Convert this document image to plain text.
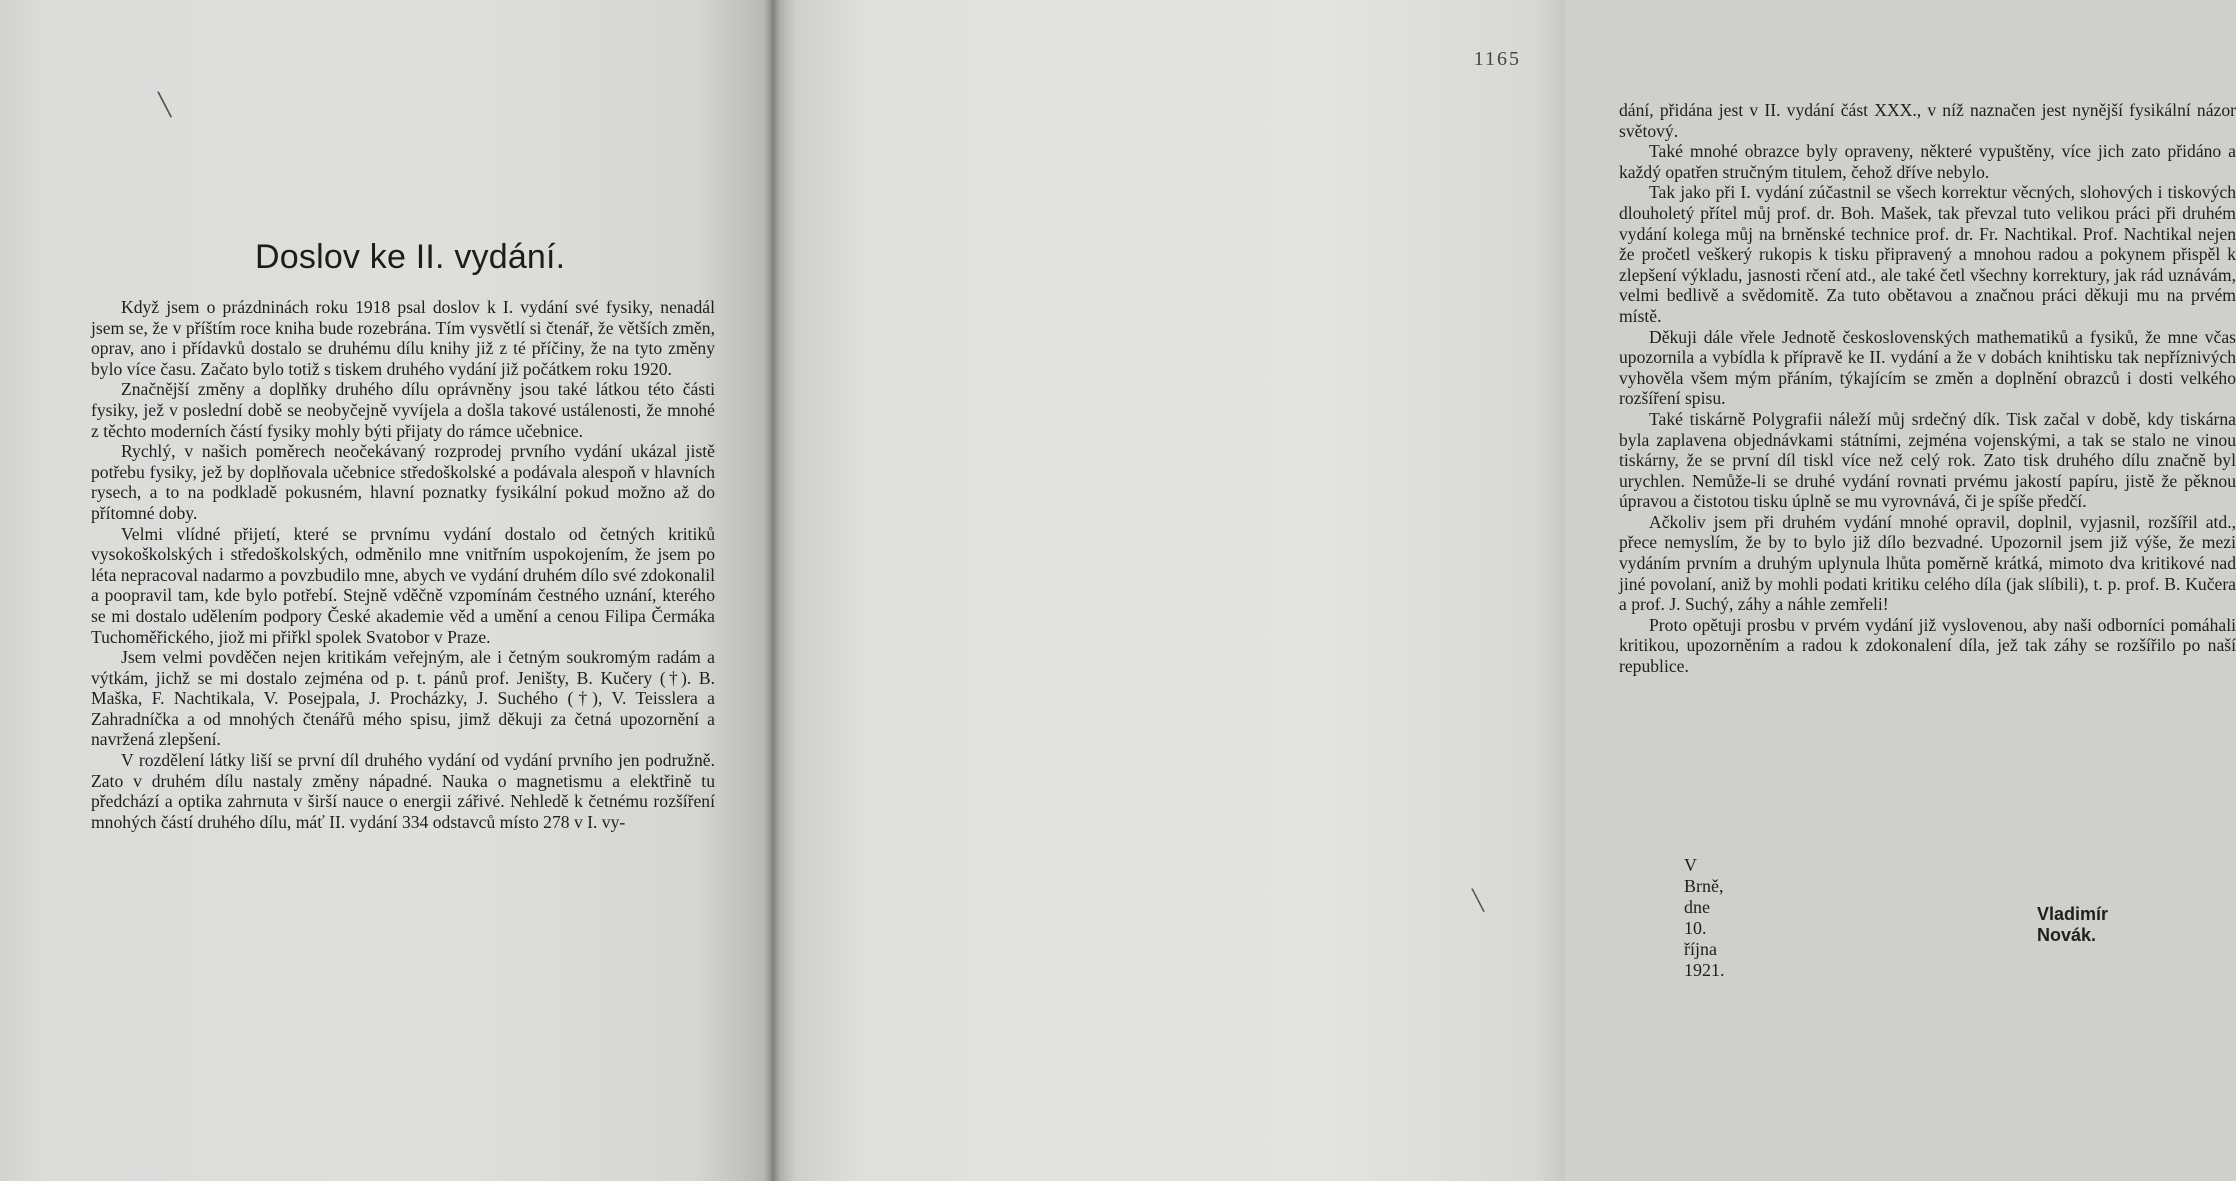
╲
Doslov ke II. vydání.

Když jsem o prázdninách roku 1918 psal doslov k I. vydání své fysiky, nenadál jsem se, že v příštím roce kniha bude rozebrána. Tím vysvětlí si čtenář, že větších změn, oprav, ano i přídavků dostalo se druhému dílu knihy již z té příčiny, že na tyto změny bylo více času. Začato bylo totiž s tiskem druhého vydání již počátkem roku 1920.

Značnější změny a doplňky druhého dílu oprávněny jsou také látkou této části fysiky, jež v poslední době se neobyčejně vyvíjela a došla takové ustálenosti, že mnohé z těchto moderních částí fysiky mohly býti přijaty do rámce učebnice.

Rychlý, v našich poměrech neočekávaný rozprodej prvního vydání ukázal jistě potřebu fysiky, jež by doplňovala učebnice středoškolské a podávala alespoň v hlavních rysech, a to na podkladě pokusném, hlavní poznatky fysikální pokud možno až do přítomné doby.

Velmi vlídné přijetí, které se prvnímu vydání dostalo od četných kritiků vysokoškolských i středoškolských, odměnilo mne vnitřním uspokojením, že jsem po léta nepracoval nadarmo a povzbudilo mne, abych ve vydání druhém dílo své zdokonalil a poopravil tam, kde bylo potřebí. Stejně vděčně vzpomínám čestného uznání, kterého se mi dostalo udělením podpory České akademie věd a umění a cenou Filipa Čermáka Tuchoměřického, jiož mi přiřkl spolek Svatobor v Praze.

Jsem velmi povděčen nejen kritikám veřejným, ale i četným soukromým radám a výtkám, jichž se mi dostalo zejména od p. t. pánů prof. Jeništy, B. Kučery (†). B. Maška, F. Nachtikala, V. Posejpala, J. Procházky, J. Suchého (†), V. Teisslera a Zahradníčka a od mnohých čtenářů mého spisu, jimž děkuji za četná upozornění a navržená zlepšení.

V rozdělení látky liší se první díl druhého vydání od vydání prvního jen podružně. Zato v druhém dílu nastaly změny nápadné. Nauka o magnetismu a elektřině tu předchází a optika zahrnuta v širší nauce o energii zářivé. Nehledě k četnému rozšíření mnohých částí druhého dílu, máť II. vydání 334 odstavců místo 278 v I. vy-

1165

dání, přidána jest v II. vydání část XXX., v níž naznačen jest nynější fysikální názor světový.

Také mnohé obrazce byly opraveny, některé vypuštěny, více jich zato přidáno a každý opatřen stručným titulem, čehož dříve nebylo.

Tak jako při I. vydání zúčastnil se všech korrektur věcných, slohových i tiskových dlouholetý přítel můj prof. dr. Boh. Mašek, tak převzal tuto velikou práci při druhém vydání kolega můj na brněnské technice prof. dr. Fr. Nachtikal. Prof. Nachtikal nejen že pročetl veškerý rukopis k tisku připravený a mnohou radou a pokynem přispěl k zlepšení výkladu, jasnosti rčení atd., ale také četl všechny korrektury, jak rád uznávám, velmi bedlivě a svědomitě. Za tuto obětavou a značnou práci děkuji mu na prvém místě.

Děkuji dále vřele Jednotě československých mathematiků a fysiků, že mne včas upozornila a vybídla k přípravě ke II. vydání a že v dobách knihtisku tak nepříznivých vyhověla všem mým přáním, týkajícím se změn a doplnění obrazců i dosti velkého rozšíření spisu.

Také tiskárně Polygrafii náleží můj srdečný dík. Tisk začal v době, kdy tiskárna byla zaplavena objednávkami státními, zejména vojenskými, a tak se stalo ne vinou tiskárny, že se první díl tiskl více než celý rok. Zato tisk druhého dílu značně byl urychlen. Nemůže-li se druhé vydání rovnati prvému jakostí papíru, jistě že pěknou úpravou a čistotou tisku úplně se mu vyrovnává, či je spíše předčí.

Ačkoliv jsem při druhém vydání mnohé opravil, doplnil, vyjasnil, rozšířil atd., přece nemyslím, že by to bylo již dílo bezvadné. Upozornil jsem již výše, že mezi vydáním prvním a druhým uplynula lhůta poměrně krátká, mimoto dva kritikové nad jiné povolaní, aniž by mohli podati kritiku celého díla (jak slíbili), t. p. prof. B. Kučera a prof. J. Suchý, záhy a náhle zemřeli!

Proto opětuji prosbu v prvém vydání již vyslovenou, aby naši odborníci pomáhali kritikou, upozorněním a radou k zdokonalení díla, jež tak záhy se rozšířilo po naší republice.

V Brně, dne 10. října 1921.

Vladimír Novák.

╲
